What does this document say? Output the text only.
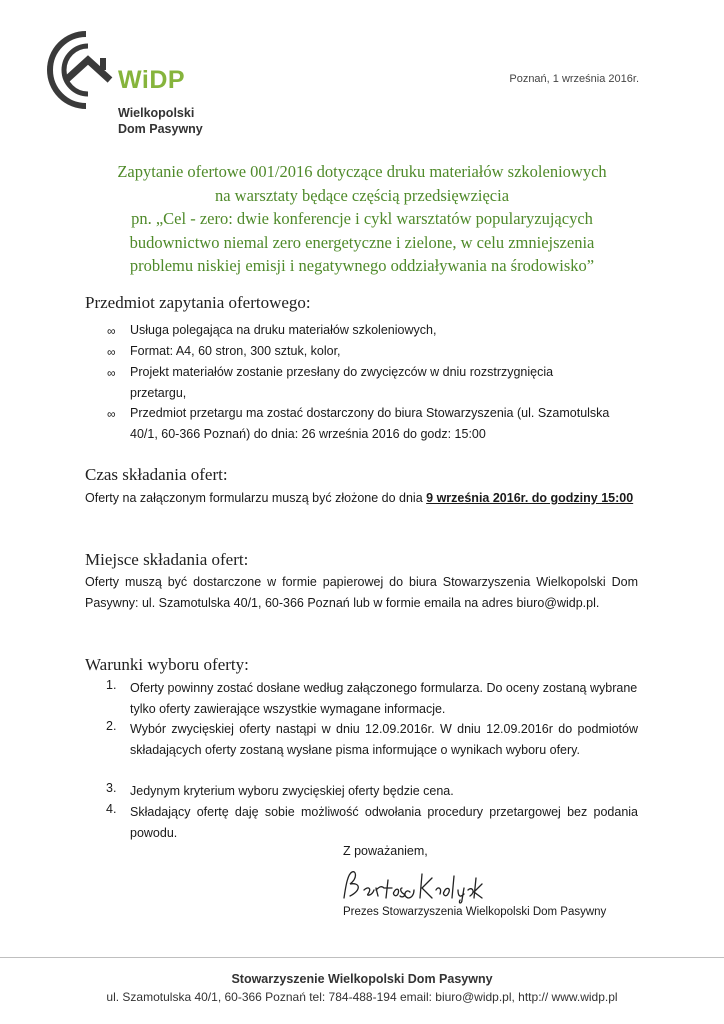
WiDP
Wielkopolski
Dom Pasywny
Poznań, 1 września 2016r.
Zapytanie ofertowe 001/2016 dotyczące druku materiałów szkoleniowych
na warsztaty będące częścią przedsięwzięcia
pn. „Cel - zero: dwie konferencje i cykl warsztatów popularyzujących
budownictwo niemal zero energetyczne i zielone, w celu zmniejszenia
problemu niskiej emisji i negatywnego oddziaływania na środowisko”
Przedmiot zapytania ofertowego:
∞	Usługa polegająca na druku materiałów szkoleniowych,
∞	Format: A4, 60 stron, 300 sztuk, kolor,
∞	Projekt materiałów zostanie przesłany do zwycięzców w dniu rozstrzygnięcia przetargu,
∞	Przedmiot przetargu ma zostać dostarczony do biura Stowarzyszenia (ul. Szamotulska 40/1, 60-366 Poznań) do dnia: 26 września 2016 do godz: 15:00
Czas składania ofert:
Oferty na załączonym formularzu muszą być złożone do dnia 9 września 2016r. do godziny 15:00
Miejsce składania ofert:
Oferty muszą być dostarczone w formie papierowej do biura Stowarzyszenia Wielkopolski Dom Pasywny: ul. Szamotulska 40/1, 60-366 Poznań lub w formie emaila na adres biuro@widp.pl.
Warunki wyboru oferty:
1.	Oferty powinny zostać dosłane według załączonego formularza. Do oceny zostaną wybrane tylko oferty zawierające wszystkie wymagane informacje.
2.	Wybór zwycięskiej oferty nastąpi w dniu 12.09.2016r. W dniu 12.09.2016r do podmiotów składających oferty zostaną wysłane pisma informujące o wynikach wyboru ofery.
3.	Jedynym kryterium wyboru zwycięskiej oferty będzie cena.
4.	Składający ofertę daję sobie możliwość odwołania procedury przetargowej bez podania powodu.
Z poważaniem,
Prezes Stowarzyszenia Wielkopolski Dom Pasywny
Stowarzyszenie Wielkopolski Dom Pasywny
ul. Szamotulska 40/1, 60-366 Poznań tel: 784-488-194 email: biuro@widp.pl, http:// www.widp.pl
